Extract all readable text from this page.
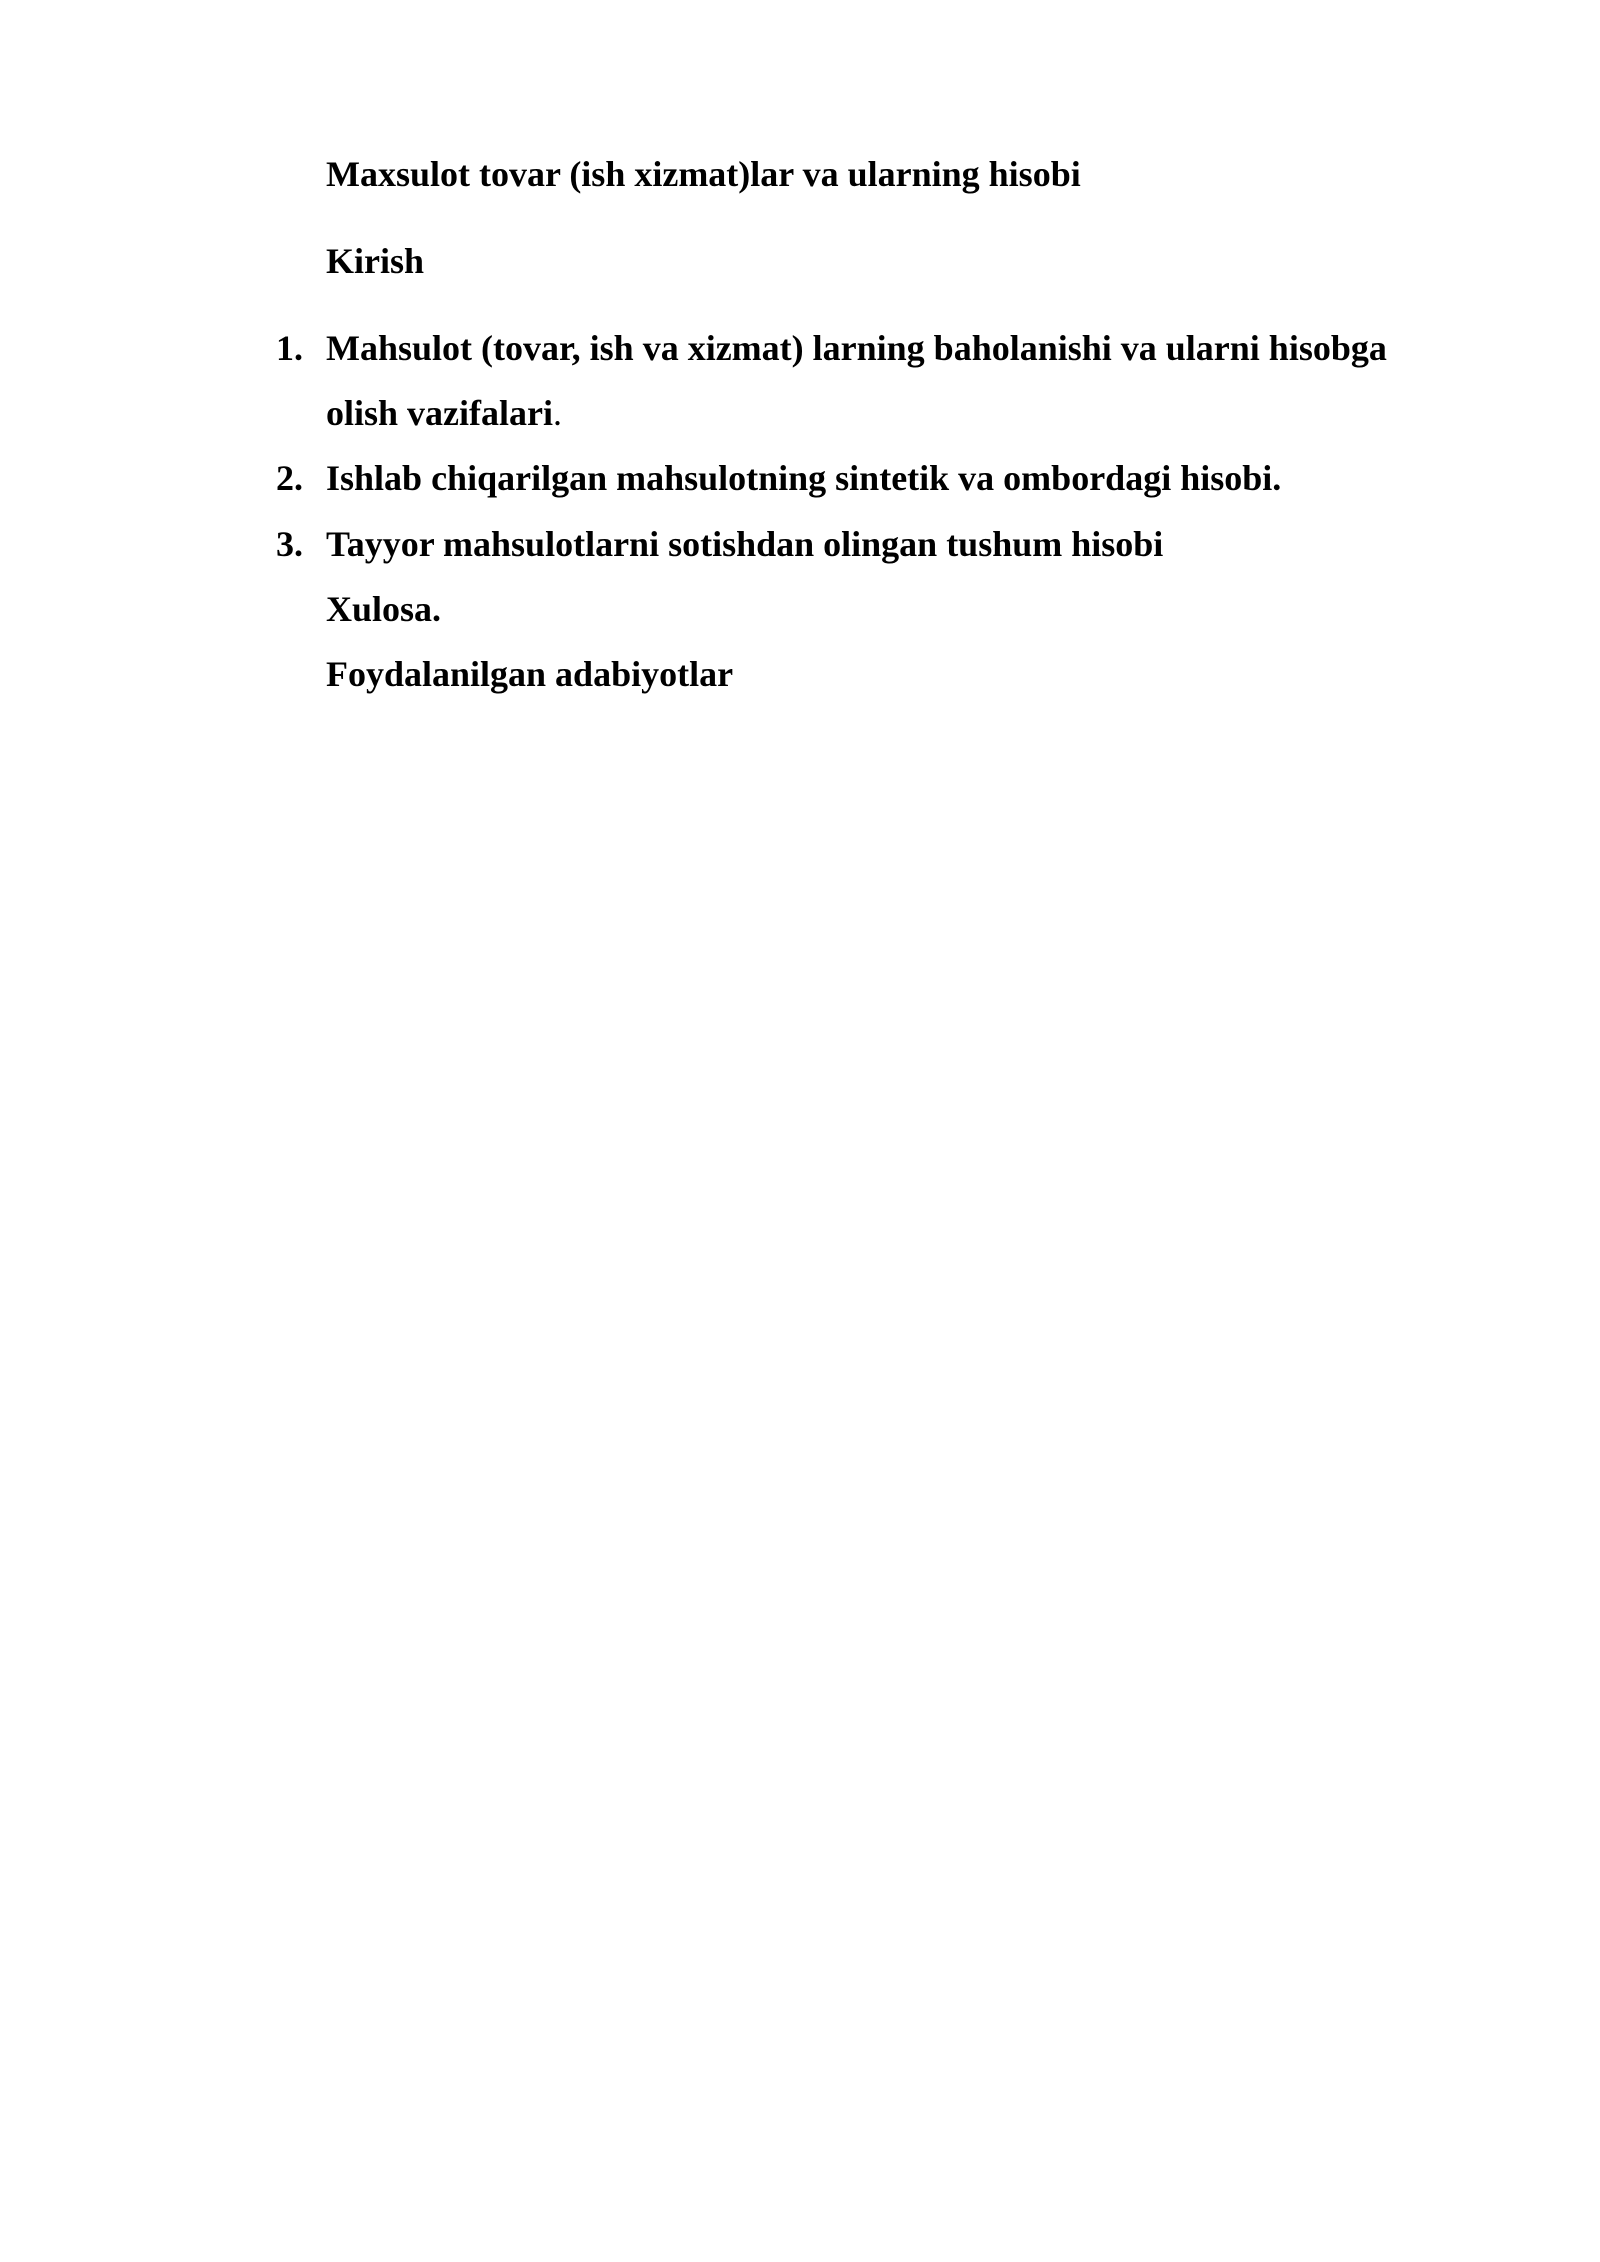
Maxsulot tovar (ish xizmat)lar va ularning hisobi
Kirish
1. Mahsulot (tovar, ish va xizmat) larning baholanishi va ularni hisobga
olish vazifalari.
2. Ishlab chiqarilgan mahsulotning sintetik va ombordagi hisobi.
3. Tayyor mahsulotlarni sotishdan olingan tushum hisobi
Xulosa.
Foydalanilgan adabiyotlar
